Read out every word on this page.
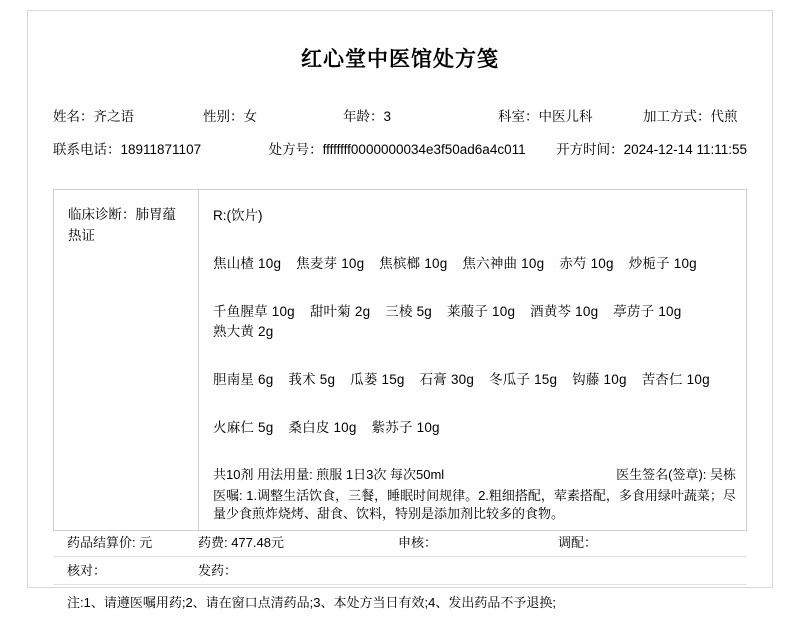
红心堂中医馆处方笺
姓名：齐之语	性别：女	年龄：3	科室：中医儿科	加工方式：代煎
联系电话：18911871107	处方号：ffffffff0000000034e3f50ad6a4c011	开方时间：2024-12-14 11:11:55
临床诊断：肺胃蕴热证
R:(饮片)
焦山楂 10g 焦麦芽 10g 焦槟榔 10g 焦六神曲 10g 赤芍 10g 炒栀子 10g
千鱼腥草 10g 甜叶菊 2g 三棱 5g 莱菔子 10g 酒黄芩 10g 葶苈子 10g 熟大黄 2g
胆南星 6g 莪术 5g 瓜蒌 15g 石膏 30g 冬瓜子 15g 钩藤 10g 苦杏仁 10g
火麻仁 5g 桑白皮 10g 紫苏子 10g
共10剂 用法用量: 煎服 1日3次 每次50ml	医生签名(签章): 吴栋
医嘱: 1.调整生活饮食，三餐，睡眠时间规律。2.粗细搭配，荤素搭配，多食用绿叶蔬菜；尽量少食煎炸烧烤、甜食、饮料，特别是添加剂比较多的食物。
药品结算价: 元	药费: 477.48元	申核：	调配：
核对：	发药：
注:1、请遵医嘱用药;2、请在窗口点清药品;3、本处方当日有效;4、发出药品不予退换;
